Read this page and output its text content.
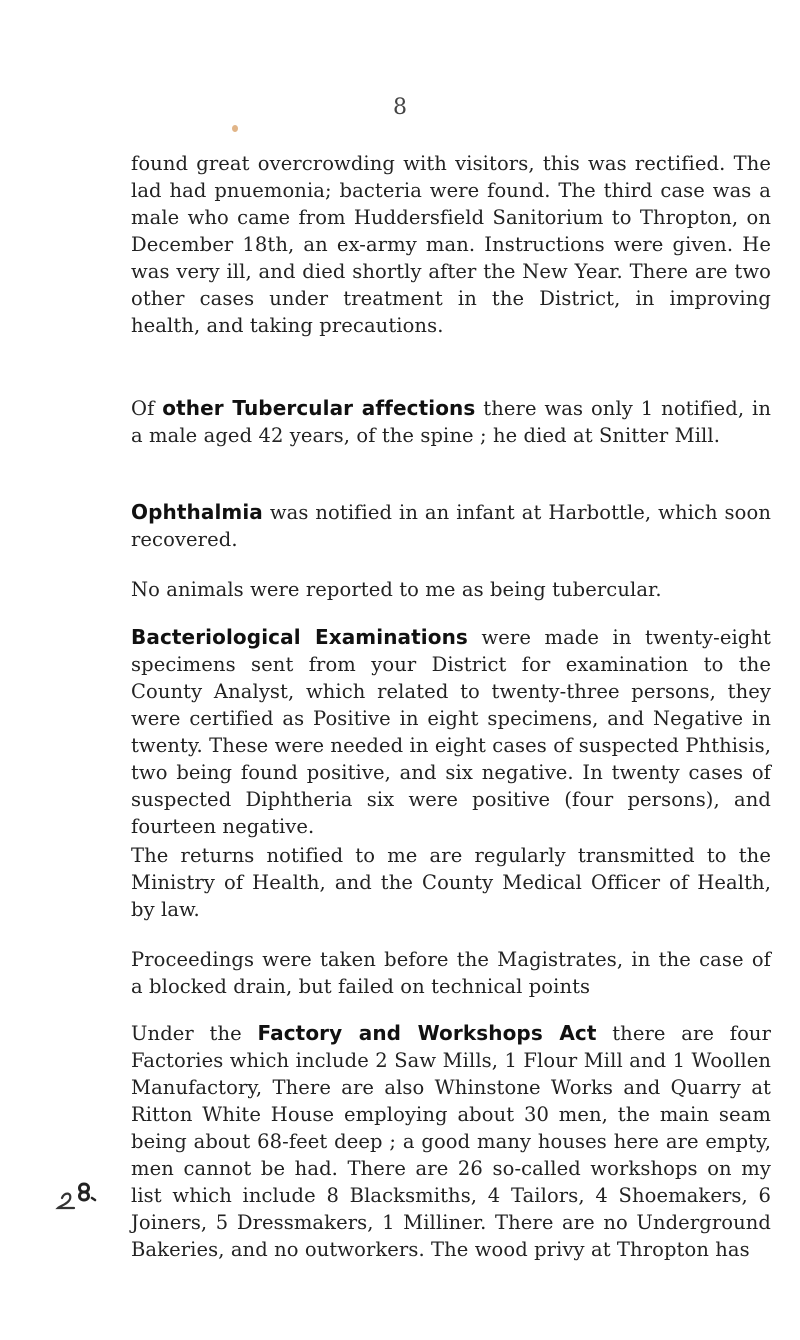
8

found great overcrowding with visitors, this was rectified. The lad had pnuemonia; bacteria were found. The third case was a male who came from Huddersfield Sanitorium to Thropton, on December 18th, an ex-army man. Instructions were given. He was very ill, and died shortly after the New Year. There are two other cases under treatment in the District, in improving health, and taking precautions.

Of other Tubercular affections there was only 1 notified, in a male aged 42 years, of the spine ; he died at Snitter Mill.

Ophthalmia was notified in an infant at Harbottle, which soon recovered.

No animals were reported to me as being tubercular.

Bacteriological Examinations were made in twenty-eight specimens sent from your District for examination to the County Analyst, which related to twenty-three persons, they were certified as Positive in eight specimens, and Negative in twenty. These were needed in eight cases of suspected Phthisis, two being found positive, and six negative. In twenty cases of suspected Diphtheria six were positive (four persons), and fourteen negative.

The returns notified to me are regularly transmitted to the Ministry of Health, and the County Medical Officer of Health, by law.

Proceedings were taken before the Magistrates, in the case of a blocked drain, but failed on technical points

Under the Factory and Workshops Act there are four Factories which include 2 Saw Mills, 1 Flour Mill and 1 Woollen Manufactory, There are also Whinstone Works and Quarry at Ritton White House employing about 30 men, the main seam being about 68-feet deep ; a good many houses here are empty, men cannot be had. There are 26 so-called workshops on my list which include 8 Blacksmiths, 4 Tailors, 4 Shoemakers, 6 Joiners, 5 Dressmakers, 1 Milliner. There are no Underground Bakeries, and no outworkers. The wood privy at Thropton has
